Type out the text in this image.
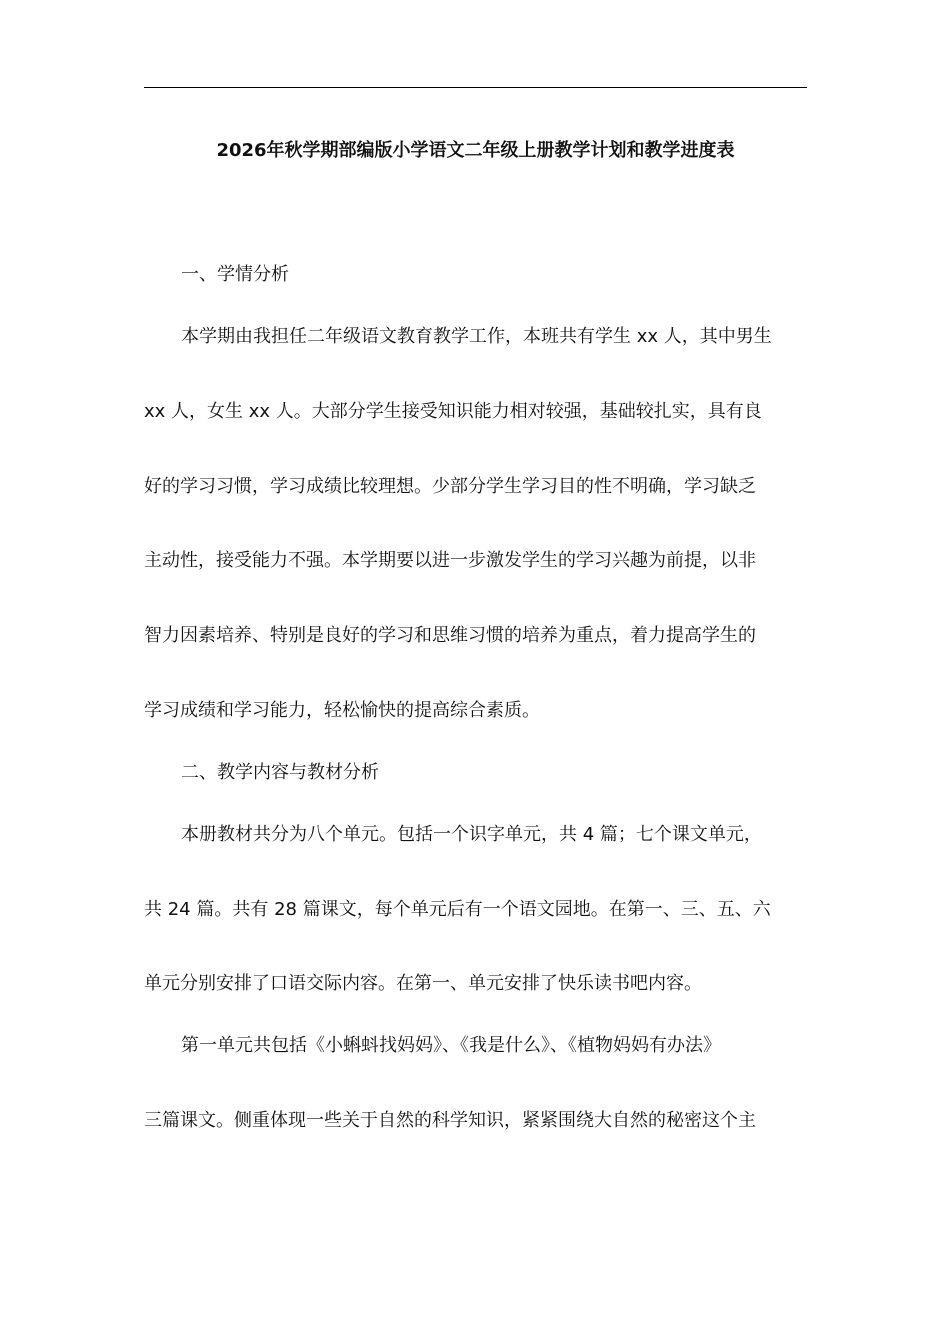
2026年秋学期部编版小学语文二年级上册教学计划和教学进度表
一、学情分析
本学期由我担任二年级语文教育教学工作，本班共有学生 xx 人，其中男生
xx 人，女生 xx 人。大部分学生接受知识能力相对较强，基础较扎实，具有良
好的学习习惯，学习成绩比较理想。少部分学生学习目的性不明确，学习缺乏
主动性，接受能力不强。本学期要以进一步激发学生的学习兴趣为前提，以非
智力因素培养、特别是良好的学习和思维习惯的培养为重点，着力提高学生的
学习成绩和学习能力，轻松愉快的提高综合素质。
二、教学内容与教材分析
本册教材共分为八个单元。包括一个识字单元，共 4 篇；七个课文单元，
共 24 篇。共有 28 篇课文，每个单元后有一个语文园地。在第一、三、五、六
单元分别安排了口语交际内容。在第一、单元安排了快乐读书吧内容。
第一单元共包括《小蝌蚪找妈妈》、《我是什么》、《植物妈妈有办法》
三篇课文。侧重体现一些关于自然的科学知识，紧紧围绕大自然的秘密这个主
